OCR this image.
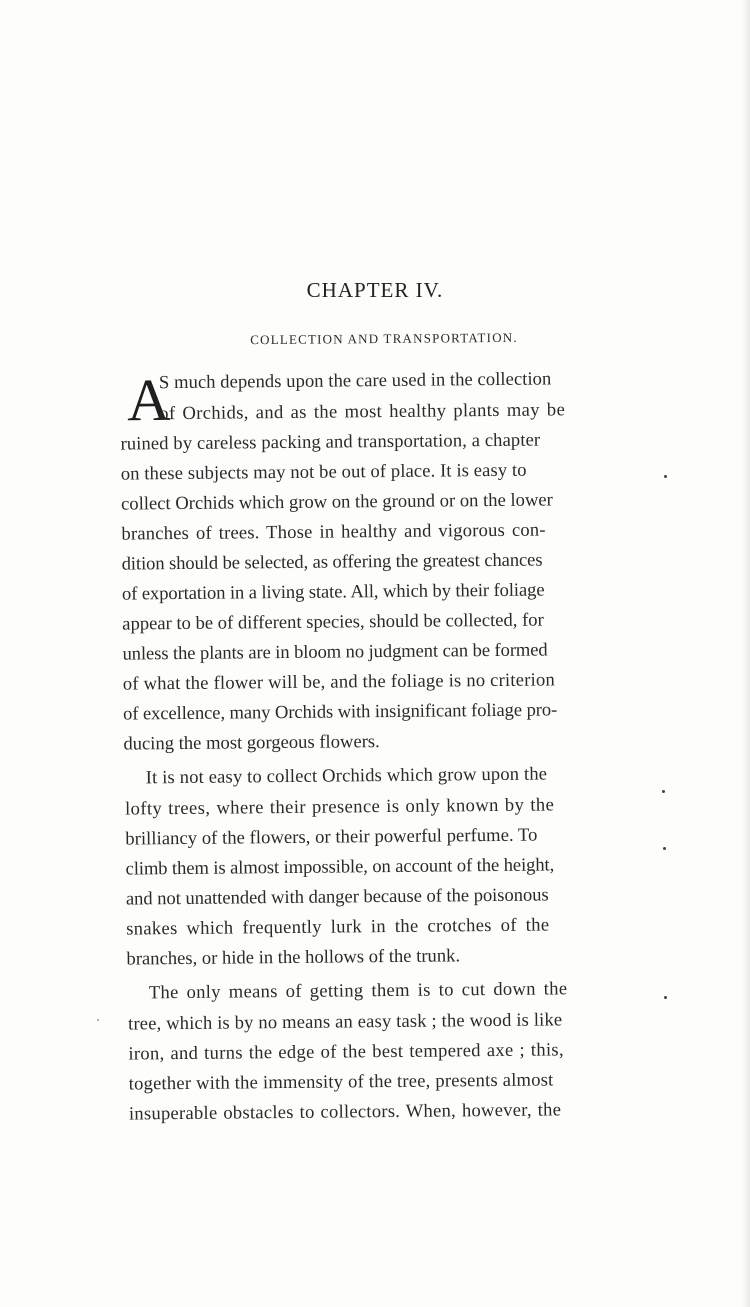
CHAPTER IV.
COLLECTION AND TRANSPORTATION.
A
S much depends upon the care used in the collection
of Orchids, and as the most healthy plants may be
ruined by careless packing and transportation, a chapter
on these subjects may not be out of place. It is easy to
collect Orchids which grow on the ground or on the lower
branches of trees. Those in healthy and vigorous con-
dition should be selected, as offering the greatest chances
of exportation in a living state. All, which by their foliage
appear to be of different species, should be collected, for
unless the plants are in bloom no judgment can be formed
of what the flower will be, and the foliage is no criterion
of excellence, many Orchids with insignificant foliage pro-
ducing the most gorgeous flowers.
It is not easy to collect Orchids which grow upon the
lofty trees, where their presence is only known by the
brilliancy of the flowers, or their powerful perfume. To
climb them is almost impossible, on account of the height,
and not unattended with danger because of the poisonous
snakes which frequently lurk in the crotches of the
branches, or hide in the hollows of the trunk.
The only means of getting them is to cut down the
tree, which is by no means an easy task ; the wood is like
iron, and turns the edge of the best tempered axe ; this,
together with the immensity of the tree, presents almost
insuperable obstacles to collectors. When, however, the
